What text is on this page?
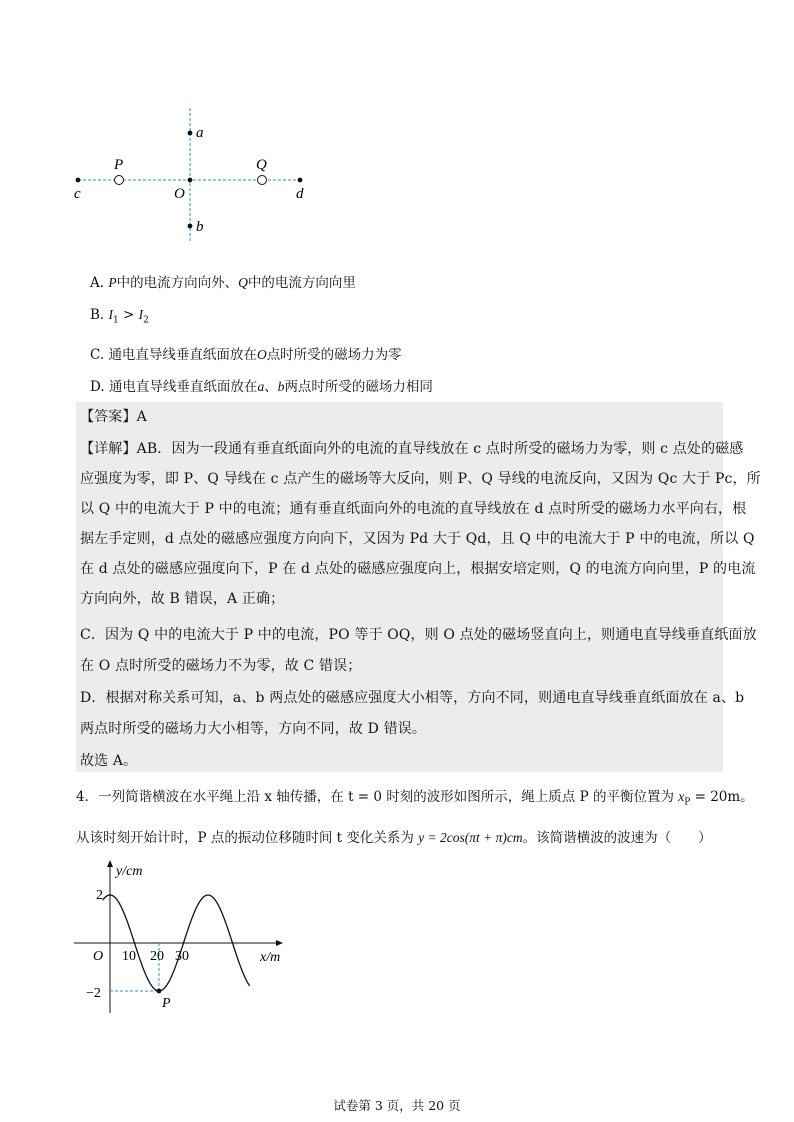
a
b
c	d
O
P	Q
A. P中的电流方向向外、Q中的电流方向向里
B. $I_1 > I_2$
C. 通电直导线垂直纸面放在O点时所受的磁场力为零
D. 通电直导线垂直纸面放在a、b两点时所受的磁场力相同
【答案】A
【详解】AB．因为一段通有垂直纸面向外的电流的直导线放在 c 点时所受的磁场力为零，则 c 点处的磁感
应强度为零，即 P、Q 导线在 c 点产生的磁场等大反向，则 P、Q 导线的电流反向，又因为 Qc 大于 Pc，所
以 Q 中的电流大于 P 中的电流；通有垂直纸面向外的电流的直导线放在 d 点时所受的磁场力水平向右，根
据左手定则，d 点处的磁感应强度方向向下，又因为 Pd 大于 Qd，且 Q 中的电流大于 P 中的电流，所以 Q
在 d 点处的磁感应强度向下，P 在 d 点处的磁感应强度向上，根据安培定则，Q 的电流方向向里，P 的电流
方向向外，故 B 错误，A 正确；
C．因为 Q 中的电流大于 P 中的电流，PO 等于 OQ，则 O 点处的磁场竖直向上，则通电直导线垂直纸面放
在 O 点时所受的磁场力不为零，故 C 错误；
D．根据对称关系可知，a、b 两点处的磁感应强度大小相等，方向不同，则通电直导线垂直纸面放在 a、b
两点时所受的磁场力大小相等，方向不同，故 D 错误。
故选 A。
4．一列简谐横波在水平绳上沿 x 轴传播，在 t = 0 时刻的波形如图所示，绳上质点 P 的平衡位置为 $x_P = 20m$。
从该时刻开始计时，P 点的振动位移随时间 t 变化关系为 y = 2cos(πt + π)cm。该简谐横波的波速为（　　）
y/cm
x/m
O 10 20 30
2
−2
P
试卷第 3 页，共 20 页
